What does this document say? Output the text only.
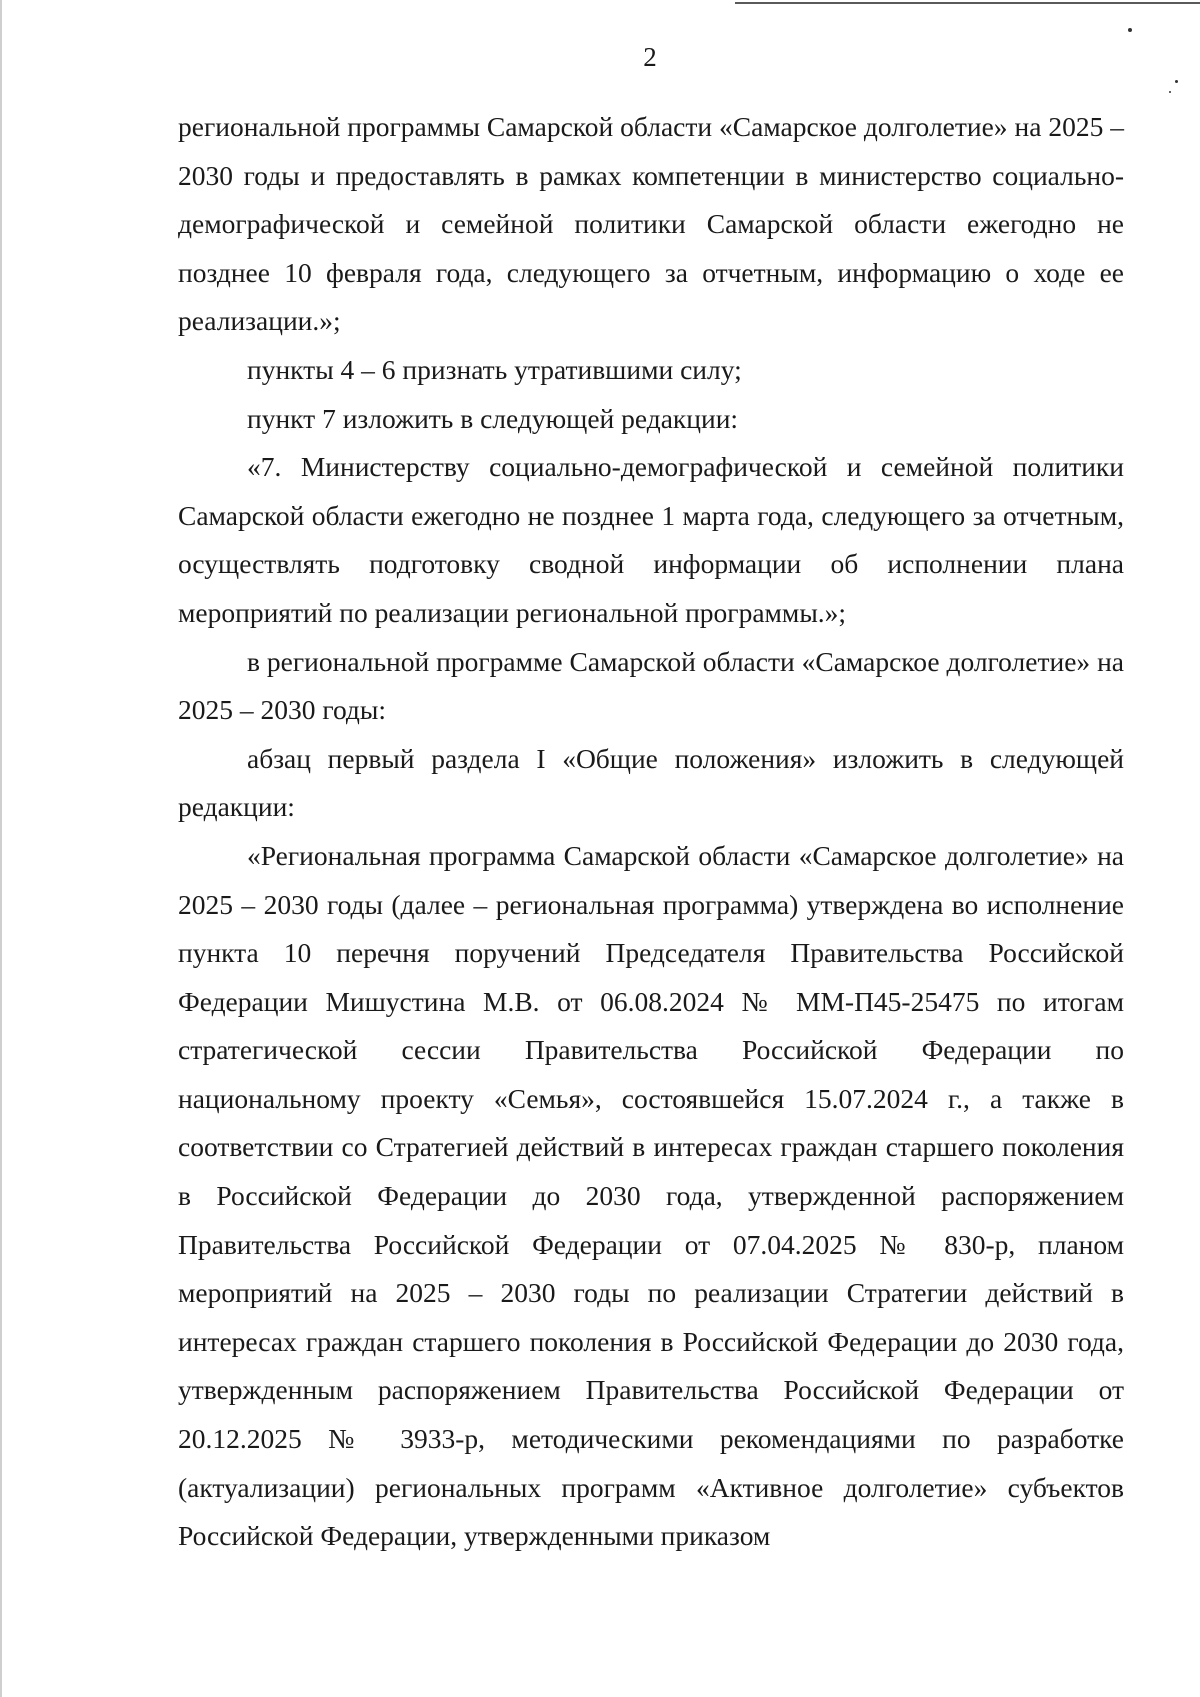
2

региональной программы Самарской области «Самарское долголетие» на 2025 – 2030 годы и предоставлять в рамках компетенции в министерство социально-демографической и семейной политики Самарской области ежегодно не позднее 10 февраля года, следующего за отчетным, информацию о ходе ее реализации.»;

пункты 4 – 6 признать утратившими силу;

пункт 7 изложить в следующей редакции:

«7. Министерству социально-демографической и семейной политики Самарской области ежегодно не позднее 1 марта года, следующего за отчетным, осуществлять подготовку сводной информации об исполнении плана мероприятий по реализации региональной программы.»;

в региональной программе Самарской области «Самарское долголетие» на 2025 – 2030 годы:

абзац первый раздела I «Общие положения» изложить в следующей редакции:

«Региональная программа Самарской области «Самарское долголетие» на 2025 – 2030 годы (далее – региональная программа) утверждена во исполнение пункта 10 перечня поручений Председателя Правительства Российской Федерации Мишустина М.В. от 06.08.2024 № ММ-П45-25475 по итогам стратегической сессии Правительства Российской Федерации по национальному проекту «Семья», состоявшейся 15.07.2024 г., а также в соответствии со Стратегией действий в интересах граждан старшего поколения в Российской Федерации до 2030 года, утвержденной распоряжением Правительства Российской Федерации от 07.04.2025 № 830-р, планом мероприятий на 2025 – 2030 годы по реализации Стратегии действий в интересах граждан старшего поколения в Российской Федерации до 2030 года, утвержденным распоряжением Правительства Российской Федерации от 20.12.2025 № 3933-р, методическими рекомендациями по разработке (актуализации) региональных программ «Активное долголетие» субъектов Российской Федерации, утвержденными приказом
